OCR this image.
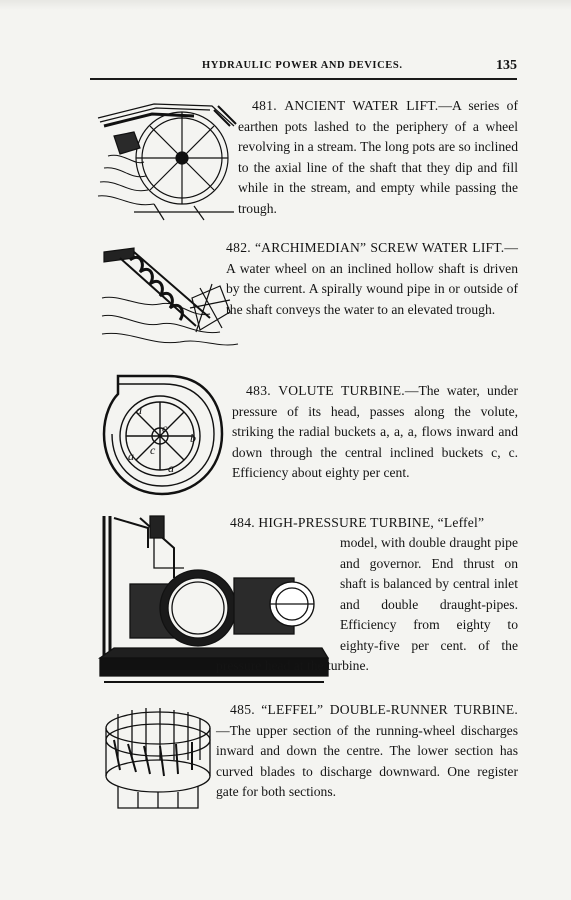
HYDRAULIC POWER AND DEVICES.	135

481. ANCIENT WATER LIFT.—A series of earthen pots lashed to the periphery of a wheel revolving in a stream. The long pots are so inclined to the axial line of the shaft that they dip and fill while in the stream, and empty while passing the trough.

482. “ARCHIMEDIAN” SCREW WATER LIFT.—A water wheel on an inclined hollow shaft is driven by the current. A spirally wound pipe in or outside of the shaft conveys the water to an elevated trough.

a
b
c
a c
a

483. VOLUTE TURBINE.—The water, under pressure of its head, passes along the volute, striking the radial buckets a, a, a, flows inward and down through the central inclined buckets c, c. Efficiency about eighty per cent.

484. HIGH-PRESSURE TURBINE, “Leffel”

model, with double draught pipe and governor. End thrust on shaft is balanced by central inlet and double draught-pipes. Efficiency from eighty to eighty-five per cent. of the pressure head at the turbine.

485. “LEFFEL” DOUBLE-RUNNER TURBINE.—The upper section of the running-wheel discharges inward and down the centre. The lower section has curved blades to discharge downward. One register gate for both sections.
